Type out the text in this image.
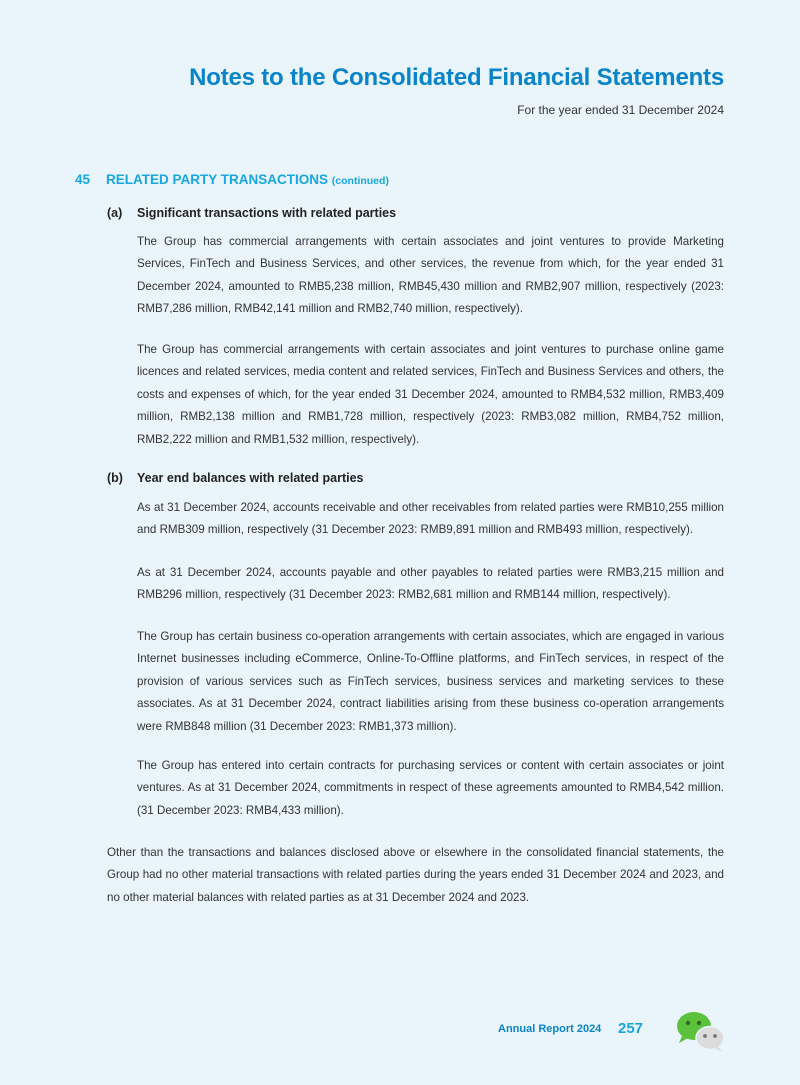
Notes to the Consolidated Financial Statements
For the year ended 31 December 2024
45 RELATED PARTY TRANSACTIONS (continued)
(a) Significant transactions with related parties

The Group has commercial arrangements with certain associates and joint ventures to provide Marketing Services, FinTech and Business Services, and other services, the revenue from which, for the year ended 31 December 2024, amounted to RMB5,238 million, RMB45,430 million and RMB2,907 million, respectively (2023: RMB7,286 million, RMB42,141 million and RMB2,740 million, respectively).

The Group has commercial arrangements with certain associates and joint ventures to purchase online game licences and related services, media content and related services, FinTech and Business Services and others, the costs and expenses of which, for the year ended 31 December 2024, amounted to RMB4,532 million, RMB3,409 million, RMB2,138 million and RMB1,728 million, respectively (2023: RMB3,082 million, RMB4,752 million, RMB2,222 million and RMB1,532 million, respectively).

(b) Year end balances with related parties

As at 31 December 2024, accounts receivable and other receivables from related parties were RMB10,255 million and RMB309 million, respectively (31 December 2023: RMB9,891 million and RMB493 million, respectively).

As at 31 December 2024, accounts payable and other payables to related parties were RMB3,215 million and RMB296 million, respectively (31 December 2023: RMB2,681 million and RMB144 million, respectively).

The Group has certain business co-operation arrangements with certain associates, which are engaged in various Internet businesses including eCommerce, Online-To-Offline platforms, and FinTech services, in respect of the provision of various services such as FinTech services, business services and marketing services to these associates. As at 31 December 2024, contract liabilities arising from these business co-operation arrangements were RMB848 million (31 December 2023: RMB1,373 million).

The Group has entered into certain contracts for purchasing services or content with certain associates or joint ventures. As at 31 December 2024, commitments in respect of these agreements amounted to RMB4,542 million. (31 December 2023: RMB4,433 million).

Other than the transactions and balances disclosed above or elsewhere in the consolidated financial statements, the Group had no other material transactions with related parties during the years ended 31 December 2024 and 2023, and no other material balances with related parties as at 31 December 2024 and 2023.

Annual Report 2024 257
